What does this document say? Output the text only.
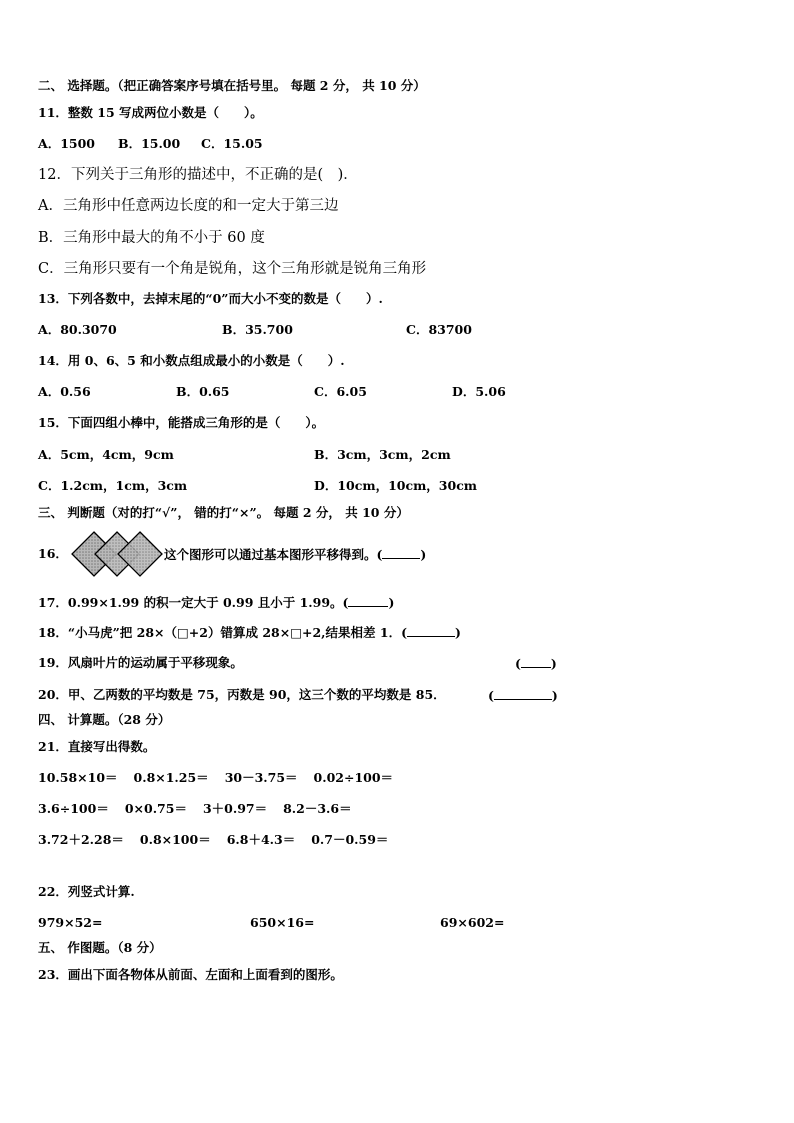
二、 选择题。（把正确答案序号填在括号里。 每题 2 分， 共 10 分）
11．整数 15 写成两位小数是（　　）。
A．1500 B．15.00 C．15.05
12．下列关于三角形的描述中，不正确的是(　)．
A．三角形中任意两边长度的和一定大于第三边
B．三角形中最大的角不小于 60 度
C．三角形只要有一个角是锐角，这个三角形就是锐角三角形
13．下列各数中，去掉末尾的“0”而大小不变的数是（　　）.
A．80.3070	B．35.700	C．83700
14．用 0、6、5 和小数点组成最小的小数是（　　）.
A．0.56	B．0.65	C．6.05	D．5.06
15．下面四组小棒中，能搭成三角形的是（　　）。
A．5cm，4cm，9cm	B．3cm，3cm，2cm
C．1.2cm，1cm，3cm	D．10cm，10cm，30cm
三、 判断题（对的打“√”， 错的打“×”。 每题 2 分， 共 10 分）
16．	这个图形可以通过基本图形平移得到。(	)
17．0.99×1.99 的积一定大于 0.99 且小于 1.99。(	)
18．“小马虎”把 28×（□+2）错算成 28×□+2,结果相差 1．(	)
19．风扇叶片的运动属于平移现象。	( )
20．甲、乙两数的平均数是 75，丙数是 90，这三个数的平均数是 85．	(	)
四、 计算题。（28 分）
21．直接写出得数。
10.58×10＝ 0.8×1.25＝ 30－3.75＝ 0.02÷100＝
3.6÷100＝ 0×0.75＝ 3＋0.97＝ 8.2－3.6＝
3.72＋2.28＝ 0.8×100＝ 6.8＋4.3＝ 0.7－0.59＝
22．列竖式计算.
979×52=	650×16=	69×602=
五、 作图题。（8 分）
23．画出下面各物体从前面、左面和上面看到的图形。
